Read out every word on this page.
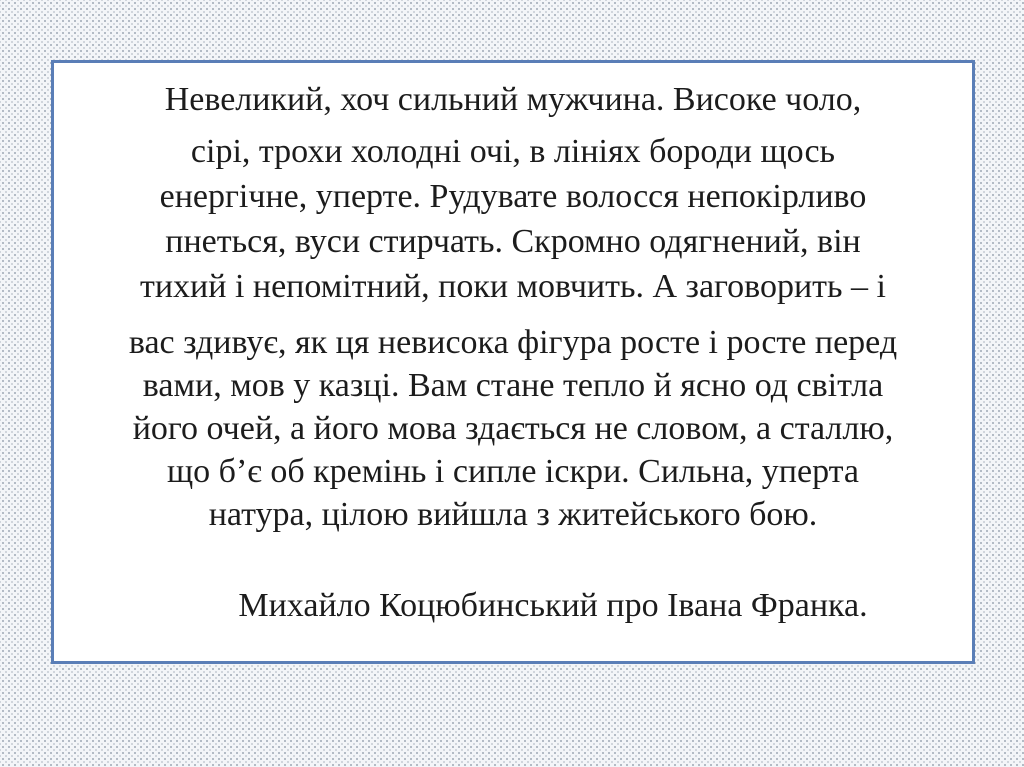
Невеликий, хоч сильний мужчина. Високе чоло,
сірі, трохи холодні очі, в лініях бороди щось
енергічне, уперте. Рудувате волосся непокірливо
пнеться, вуси стирчать. Скромно одягнений, він
тихий і непомітний, поки мовчить. А заговорить – і
вас здивує, як ця невисока фігура росте і росте перед
вами, мов у казці. Вам стане тепло й ясно од світла
його очей, а його мова здається не словом, а сталлю,
що б’є об кремінь і сипле іскри. Сильна, уперта
натура, цілою вийшла з житейського бою.

Михайло Коцюбинський про Івана Франка.
